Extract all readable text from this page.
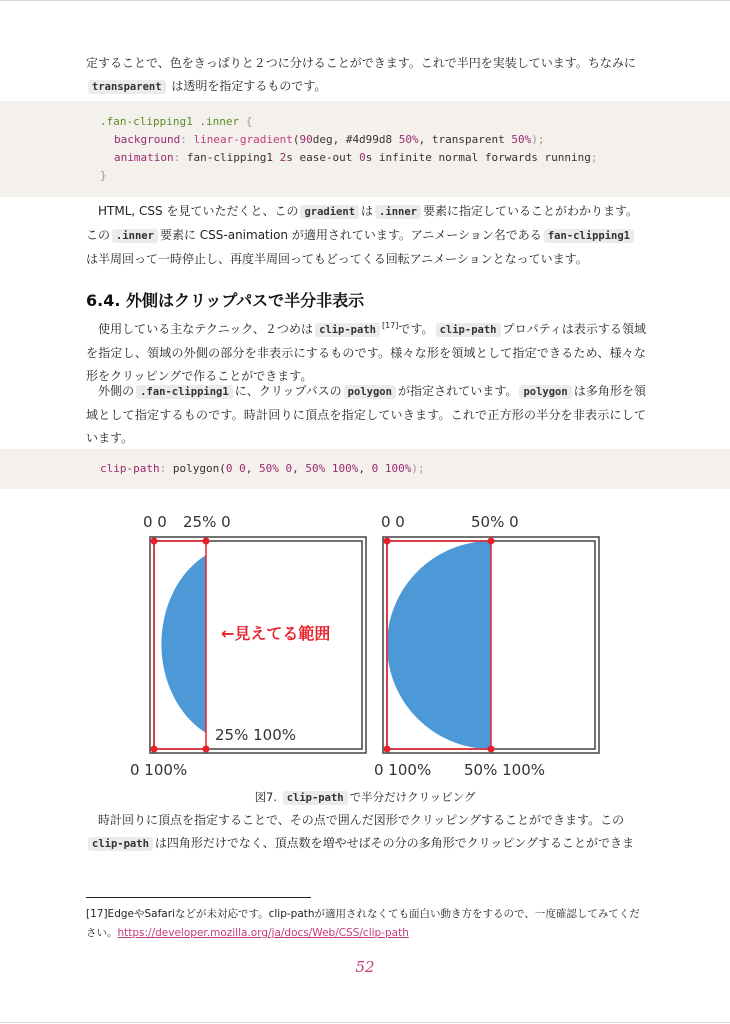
定することで、色をきっぱりと２つに分けることができます。これで半円を実装しています。ちなみに
transparent は透明を指定するものです。

.fan-clipping1 .inner {
background: linear-gradient(90deg, #4d99d8 50%, transparent 50%);
animation: fan-clipping1 2s ease-out 0s infinite normal forwards running;
}

HTML, CSS を見ていただくと、この gradient は .inner 要素に指定していることがわかります。
この .inner 要素に CSS-animation が適用されています。アニメーション名である fan-clipping1
は半周回って一時停止し、再度半周回ってもどってくる回転アニメーションとなっています。

6.4. 外側はクリップパスで半分非表示

使用している主なテクニック、２つめは clip-path [17]です。 clip-path プロパティは表示する領域を指定し、領域の外側の部分を非表示にするものです。様々な形を領域として指定できるため、様々な形をクリッピングで作ることができます。

外側の .fan-clipping1 に、クリップパスの polygon が指定されています。 polygon は多角形を領域として指定するものです。時計回りに頂点を指定していきます。これで正方形の半分を非表示にしています。

clip-path: polygon(0 0, 50% 0, 50% 100%, 0 100%);
0 0 25% 0
25% 100%
0 100%
←見えてる範囲
0 0	50% 0
0 100% 50% 100%
図7. clip-path で半分だけクリッピング

時計回りに頂点を指定することで、その点で囲んだ図形でクリッピングすることができます。この
clip-path は四角形だけでなく、頂点数を増やせばその分の多角形でクリッピングすることができま

[17]EdgeやSafariなどが未対応です。clip-pathが適用されなくても面白い動き方をするので、一度確認してみてくだ
さい。https://developer.mozilla.org/ja/docs/Web/CSS/clip-path

52
